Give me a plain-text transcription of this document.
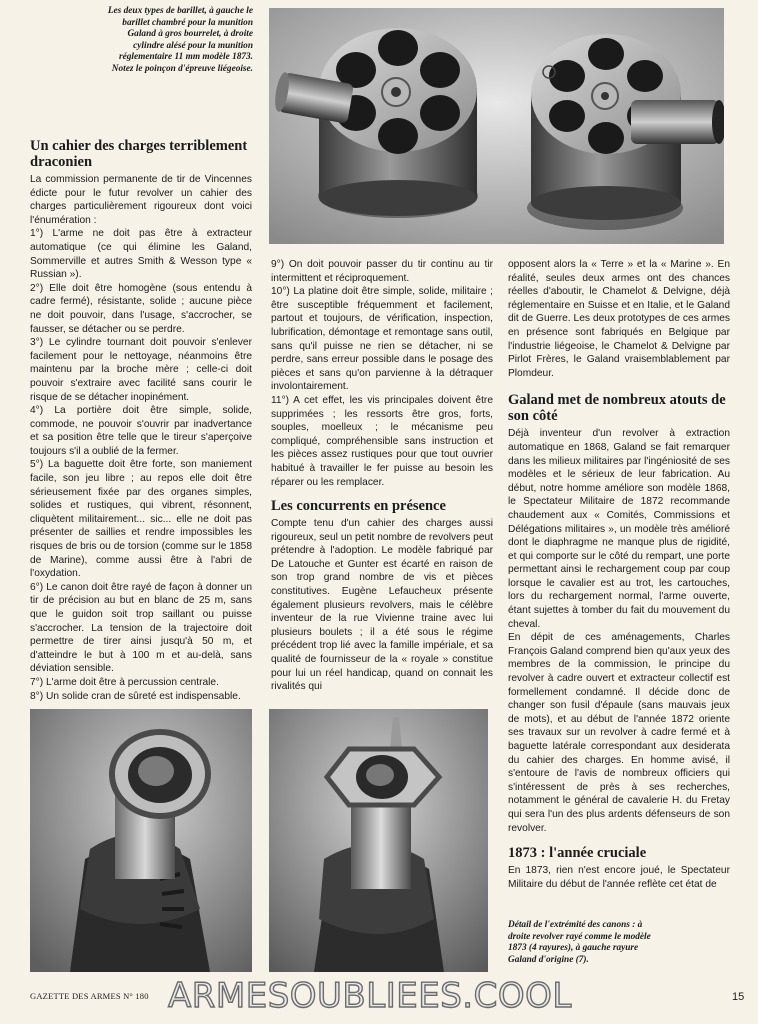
Les deux types de barillet, à gauche le barillet chambré pour la munition Galand à gros bourrelet, à droite cylindre alésé pour la munition réglementaire 11 mm modèle 1873. Notez le poinçon d'épreuve liégeoise.

Un cahier des charges terriblement draconien

La commission permanente de tir de Vincennes édicte pour le futur revolver un cahier des charges particulièrement rigoureux dont voici l'énumération :

1°) L'arme ne doit pas être à extracteur automatique (ce qui élimine les Galand, Sommerville et autres Smith & Wesson type « Russian »).

2°) Elle doit être homogène (sous entendu à cadre fermé), résistante, solide ; aucune pièce ne doit pouvoir, dans l'usage, s'accrocher, se fausser, se détacher ou se perdre.

3°) Le cylindre tournant doit pouvoir s'enlever facilement pour le nettoyage, néanmoins être maintenu par la broche mère ; celle-ci doit pouvoir s'extraire avec facilité sans courir le risque de se détacher inopinément.

4°) La portière doit être simple, solide, commode, ne pouvoir s'ouvrir par inadvertance et sa position être telle que le tireur s'aperçoive toujours s'il a oublié de la fermer.

5°) La baguette doit être forte, son maniement facile, son jeu libre ; au repos elle doit être sérieusement fixée par des organes simples, solides et rustiques, qui vibrent, résonnent, cliquètent militairement... sic... elle ne doit pas présenter de saillies et rendre impossibles les risques de bris ou de torsion (comme sur le 1858 de Marine), comme aussi être à l'abri de l'oxydation.

6°) Le canon doit être rayé de façon à donner un tir de précision au but en blanc de 25 m, sans que le guidon soit trop saillant ou puisse s'accrocher. La tension de la trajectoire doit permettre de tirer ainsi jusqu'à 50 m, et d'atteindre le but à 100 m et au-delà, sans déviation sensible.

7°) L'arme doit être à percussion centrale.

8°) Un solide cran de sûreté est indispensable.

9°) On doit pouvoir passer du tir continu au tir intermittent et réciproquement.

10°) La platine doit être simple, solide, militaire ; être susceptible fréquemment et facilement, partout et toujours, de vérification, inspection, lubrification, démontage et remontage sans outil, sans qu'il puisse ne rien se détacher, ni se perdre, sans erreur possible dans le posage des pièces et sans qu'on parvienne à la détraquer involontairement.

11°) A cet effet, les vis principales doivent être supprimées ; les ressorts être gros, forts, souples, moelleux ; le mécanisme peu compliqué, compréhensible sans instruction et les pièces assez rustiques pour que tout ouvrier habitué à travailler le fer puisse au besoin les réparer ou les remplacer.

Les concurrents en présence

Compte tenu d'un cahier des charges aussi rigoureux, seul un petit nombre de revolvers peut prétendre à l'adoption. Le modèle fabriqué par De Latouche et Gunter est écarté en raison de son trop grand nombre de vis et pièces constitutives. Eugène Lefaucheux présente également plusieurs revolvers, mais le célèbre inventeur de la rue Vivienne traine avec lui plusieurs boulets ; il a été sous le régime précédent trop lié avec la famille impériale, et sa qualité de fournisseur de la « royale » constitue pour lui un réel handicap, quand on connait les rivalités qui

opposent alors la « Terre » et la « Marine ». En réalité, seules deux armes ont des chances réelles d'aboutir, le Chamelot & Delvigne, déjà réglementaire en Suisse et en Italie, et le Galand dit de Guerre. Les deux prototypes de ces armes en présence sont fabriqués en Belgique par l'industrie liégeoise, le Chamelot & Delvigne par Pirlot Frères, le Galand vraisemblablement par Plomdeur.

Galand met de nombreux atouts de son côté

Déjà inventeur d'un revolver à extraction automatique en 1868, Galand se fait remarquer dans les milieux militaires par l'ingéniosité de ses modèles et le sérieux de leur fabrication. Au début, notre homme améliore son modèle 1868, le Spectateur Militaire de 1872 recommande chaudement aux « Comités, Commissions et Délégations militaires », un modèle très amélioré dont le diaphragme ne manque plus de rigidité, et qui comporte sur le côté du rempart, une porte permettant ainsi le rechargement coup par coup lorsque le cavalier est au trot, les cartouches, lors du rechargement normal, l'arme ouverte, étant sujettes à tomber du fait du mouvement du cheval.

En dépit de ces aménagements, Charles François Galand comprend bien qu'aux yeux des membres de la commission, le principe du revolver à cadre ouvert et extracteur collectif est formellement condamné. Il décide donc de changer son fusil d'épaule (sans mauvais jeux de mots), et au début de l'année 1872 oriente ses travaux sur un revolver à cadre fermé et à baguette latérale correspondant aux desiderata du cahier des charges. En homme avisé, il s'entoure de l'avis de nombreux officiers qui s'intéressent de près à ses recherches, notamment le général de cavalerie H. du Fretay qui sera l'un des plus ardents défenseurs de son revolver.

1873 : l'année cruciale

En 1873, rien n'est encore joué, le Spectateur Militaire du début de l'année reflète cet état de

Détail de l'extrémité des canons : à droite revolver rayé comme le modèle 1873 (4 rayures), à gauche rayure Galand d'origine (7).

GAZETTE DES ARMES N° 180 ARMESOUBLIEES.COOL	15
